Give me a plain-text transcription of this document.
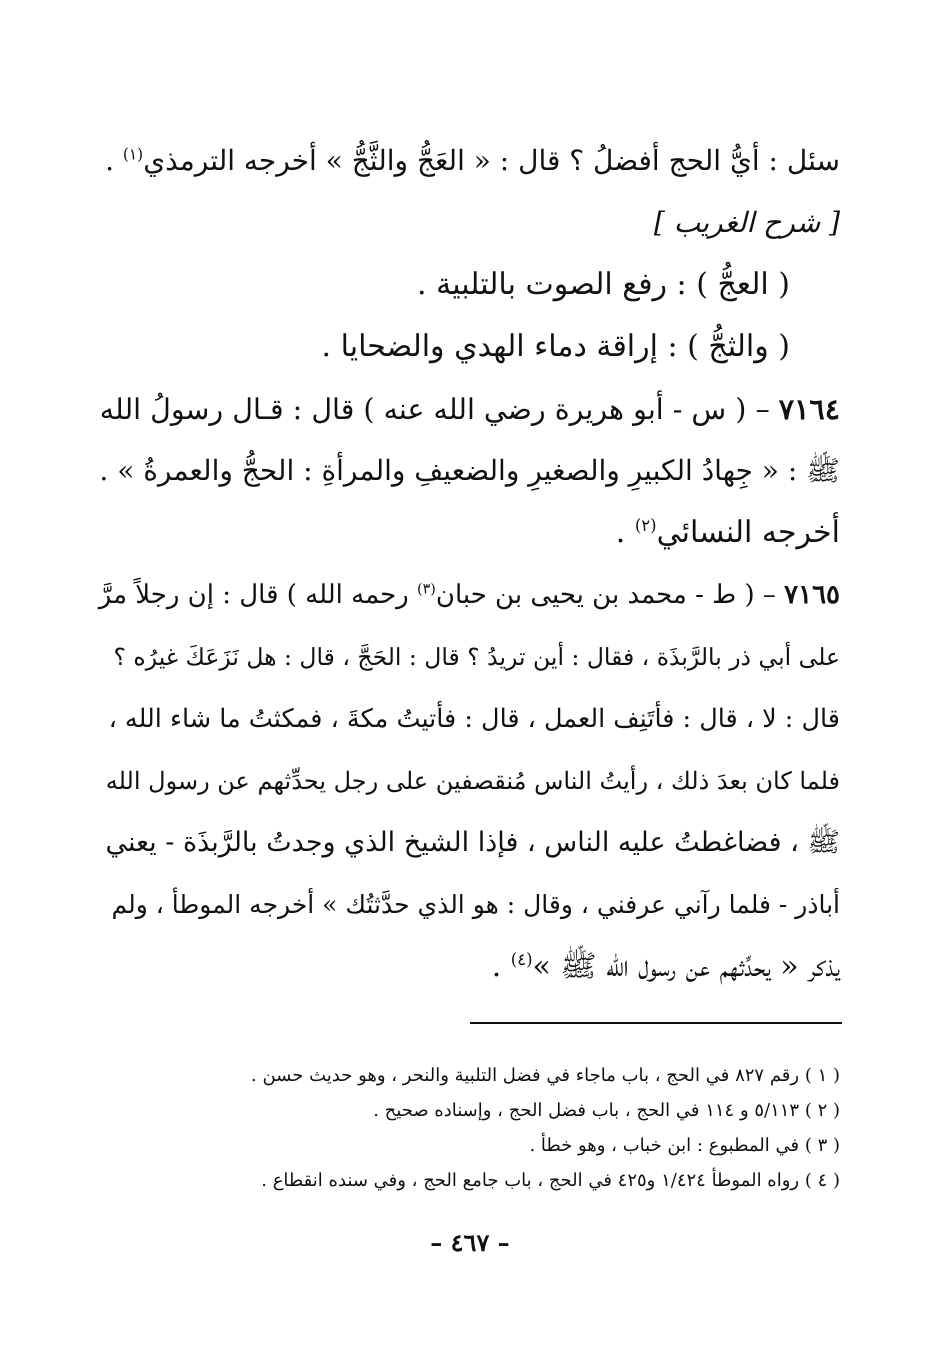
سئل : أيُّ الحج أفضلُ ؟ قال : « العَجُّ والثَّجُّ » أخرجه الترمذي$^{(١)}$ .
[ شرح الغريب ]
( العجُّ ) : رفع الصوت بالتلبية .
( والثجُّ ) : إراقة دماء الهدي والضحايا .
٧١٦٤ – ( س - أبو هريرة رضي الله عنه ) قال : قـال رسولُ الله
ﷺ : « جِهادُ الكبيرِ والصغيرِ والضعيفِ والمرأةِ : الحجُّ والعمرةُ » .
أخرجه النسائي$^{(٢)}$ .
٧١٦٥ – ( ط - محمد بن يحيى بن حبان$^{(٣)}$ رحمه الله ) قال : إن رجلاً مرَّ
على أبي ذر بالرَّبذَة ، فقال : أين تريدُ ؟ قال : الحَجَّ ، قال : هل نَزَعَكَ غيرُه ؟
قال : لا ، قال : فأتَنِف العمل ، قال : فأتيتُ مكةَ ، فمكثتُ ما شاء الله ،
فلما كان بعدَ ذلك ، رأيتُ الناس مُنقصفين على رجل يحدِّثهم عن رسول الله
ﷺ ، فضاغطتُ عليه الناس ، فإذا الشيخ الذي وجدتُ بالرَّبذَة - يعني
أباذر - فلما رآني عرفني ، وقال : هو الذي حدَّثتُك » أخرجه الموطأ ، ولم
يذكر « يحدِّثهم عن رسول الله ﷺ »$^{(٤)}$ .
( ١ ) رقم ٨٢٧ في الحج ، باب ماجاء في فضل التلبية والنحر ، وهو حديث حسن .
( ٢ ) ٥/١١٣ و ١١٤ في الحج ، باب فضل الحج ، وإسناده صحيح .
( ٣ ) في المطبوع : ابن خباب ، وهو خطأ .
( ٤ ) رواه الموطأ ١/٤٢٤ و٤٢٥ في الحج ، باب جامع الحج ، وفي سنده انقطاع .
– ٤٦٧ –
